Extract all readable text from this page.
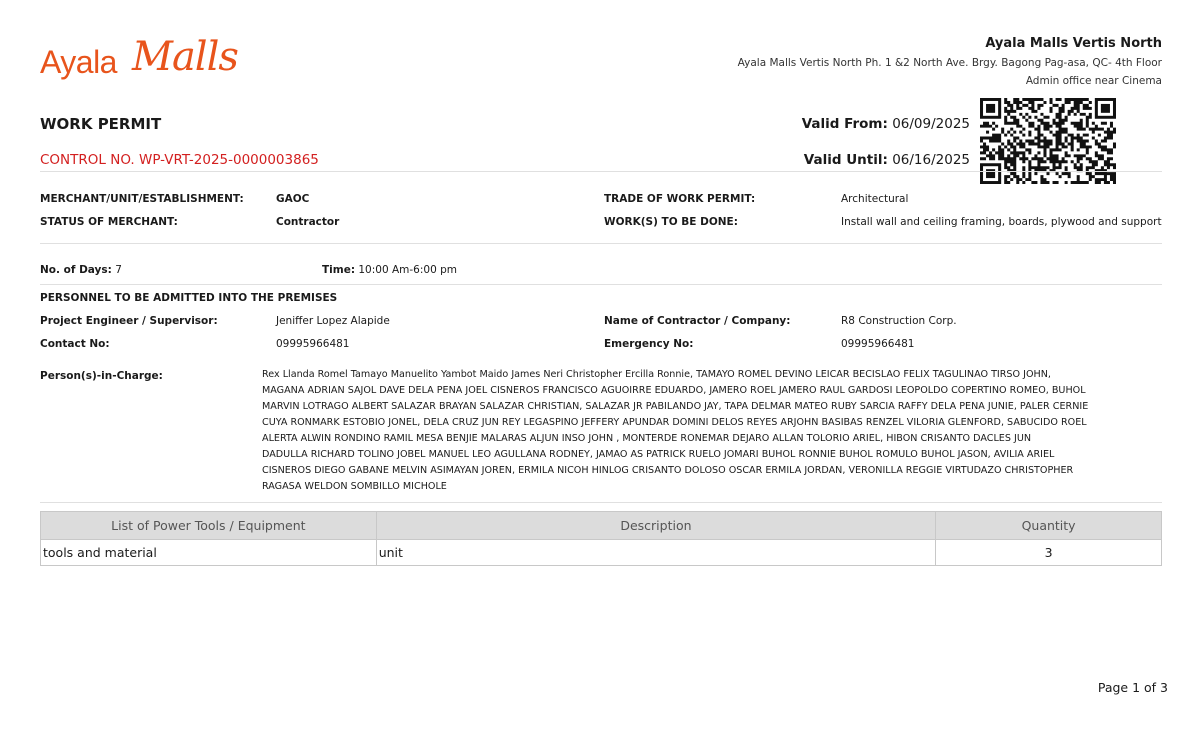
Ayala Malls	Ayala Malls Vertis North
Ayala Malls Vertis North Ph. 1 &2 North Ave. Brgy. Bagong Pag-asa, QC- 4th Floor
Admin office near Cinema
WORK PERMIT
CONTROL NO. WP-VRT-2025-0000003865
Valid From: 06/09/2025
Valid Until: 06/16/2025
MERCHANT/UNIT/ESTABLISHMENT:	GAOC	TRADE OF WORK PERMIT:	Architectural
STATUS OF MERCHANT:	Contractor	WORK(S) TO BE DONE:	Install wall and ceiling framing, boards, plywood and support
No. of Days: 7	Time: 10:00 Am-6:00 pm
PERSONNEL TO BE ADMITTED INTO THE PREMISES
Project Engineer / Supervisor:	Jeniffer Lopez Alapide	Name of Contractor / Company:	R8 Construction Corp.
Contact No:	09995966481	Emergency No:	09995966481
Person(s)-in-Charge:	Rex Llanda Romel Tamayo Manuelito Yambot Maido James Neri Christopher Ercilla Ronnie, TAMAYO ROMEL DEVINO LEICAR BECISLAO FELIX TAGULINAO TIRSO JOHN,
MAGANA ADRIAN SAJOL DAVE DELA PENA JOEL CISNEROS FRANCISCO AGUOIRRE EDUARDO, JAMERO ROEL JAMERO RAUL GARDOSI LEOPOLDO COPERTINO ROMEO, BUHOL
MARVIN LOTRAGO ALBERT SALAZAR BRAYAN SALAZAR CHRISTIAN, SALAZAR JR PABILANDO JAY, TAPA DELMAR MATEO RUBY SARCIA RAFFY DELA PENA JUNIE, PALER CERNIE
CUYA RONMARK ESTOBIO JONEL, DELA CRUZ JUN REY LEGASPINO JEFFERY APUNDAR DOMINI DELOS REYES ARJOHN BASIBAS RENZEL VILORIA GLENFORD, SABUCIDO ROEL
ALERTA ALWIN RONDINO RAMIL MESA BENJIE MALARAS ALJUN INSO JOHN , MONTERDE RONEMAR DEJARO ALLAN TOLORIO ARIEL, HIBON CRISANTO DACLES JUN
DADULLA RICHARD TOLINO JOBEL MANUEL LEO AGULLANA RODNEY, JAMAO AS PATRICK RUELO JOMARI BUHOL RONNIE BUHOL ROMULO BUHOL JASON, AVILIA ARIEL
CISNEROS DIEGO GABANE MELVIN ASIMAYAN JOREN, ERMILA NICOH HINLOG CRISANTO DOLOSO OSCAR ERMILA JORDAN, VERONILLA REGGIE VIRTUDAZO CHRISTOPHER
RAGASA WELDON SOMBILLO MICHOLE
List of Power Tools / Equipment	Description	Quantity
tools and material	unit	3
Page 1 of 3
